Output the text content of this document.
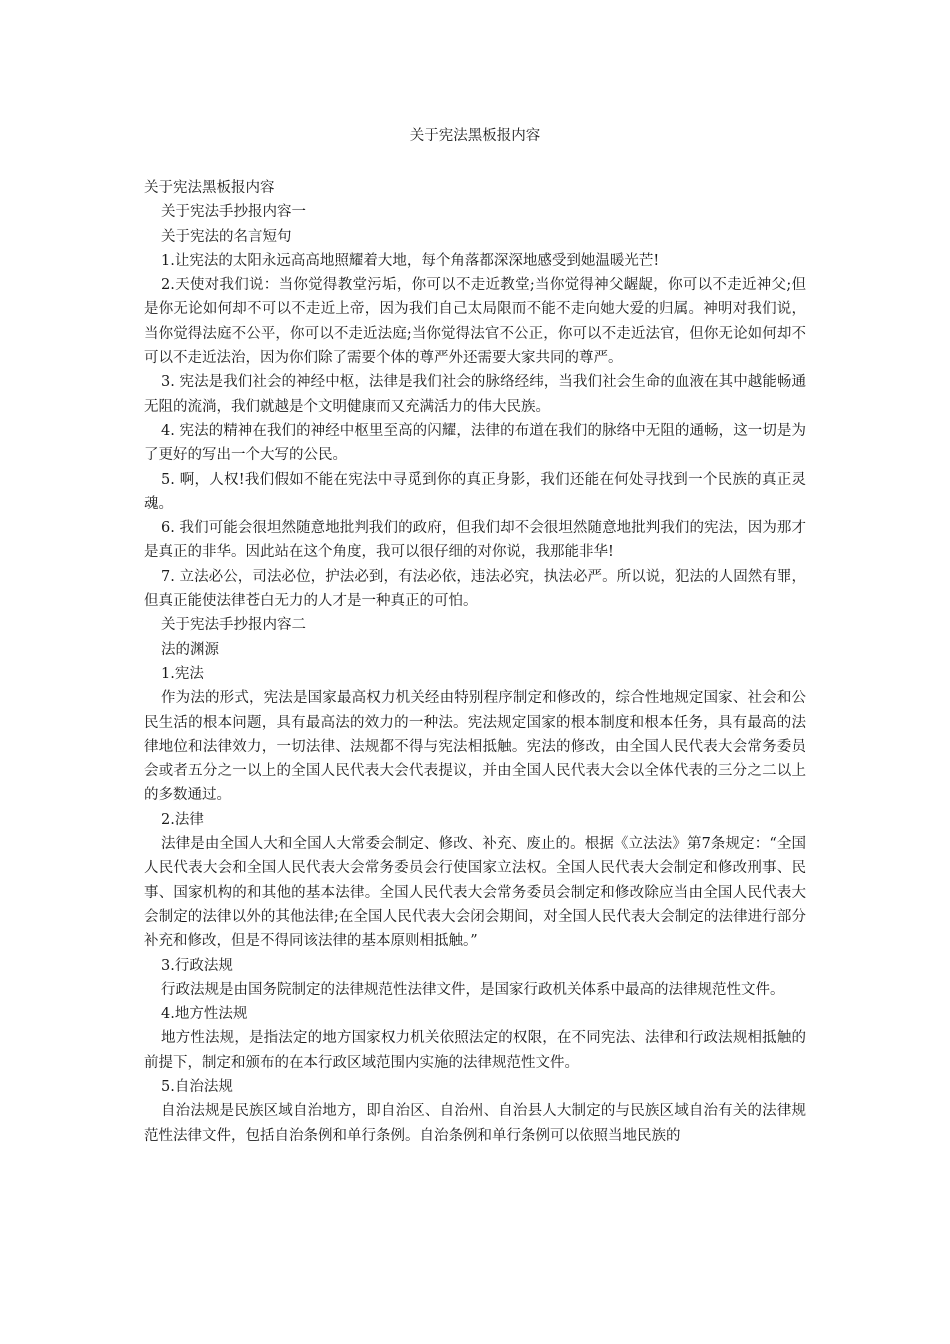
关于宪法黑板报内容

关于宪法黑板报内容

关于宪法手抄报内容一

关于宪法的名言短句

1.让宪法的太阳永远高高地照耀着大地，每个角落都深深地感受到她温暖光芒!

2.天使对我们说：当你觉得教堂污垢，你可以不走近教堂;当你觉得神父龌龊，你可以不走近神父;但是你无论如何却不可以不走近上帝，因为我们自己太局限而不能不走向她大爱的归属。神明对我们说，当你觉得法庭不公平，你可以不走近法庭;当你觉得法官不公正，你可以不走近法官，但你无论如何却不可以不走近法治，因为你们除了需要个体的尊严外还需要大家共同的尊严。

3. 宪法是我们社会的神经中枢，法律是我们社会的脉络经纬，当我们社会生命的血液在其中越能畅通无阻的流淌，我们就越是个文明健康而又充满活力的伟大民族。

4. 宪法的精神在我们的神经中枢里至高的闪耀，法律的布道在我们的脉络中无阻的通畅，这一切是为了更好的写出一个大写的公民。

5. 啊，人权!我们假如不能在宪法中寻觅到你的真正身影，我们还能在何处寻找到一个民族的真正灵魂。

6. 我们可能会很坦然随意地批判我们的政府，但我们却不会很坦然随意地批判我们的宪法，因为那才是真正的非华。因此站在这个角度，我可以很仔细的对你说，我那能非华!

7. 立法必公，司法必位，护法必到，有法必依，违法必究，执法必严。所以说，犯法的人固然有罪，但真正能使法律苍白无力的人才是一种真正的可怕。

关于宪法手抄报内容二

法的渊源

1.宪法

作为法的形式，宪法是国家最高权力机关经由特别程序制定和修改的，综合性地规定国家、社会和公民生活的根本问题，具有最高法的效力的一种法。宪法规定国家的根本制度和根本任务，具有最高的法律地位和法律效力，一切法律、法规都不得与宪法相抵触。宪法的修改，由全国人民代表大会常务委员会或者五分之一以上的全国人民代表大会代表提议，并由全国人民代表大会以全体代表的三分之二以上的多数通过。

2.法律

法律是由全国人大和全国人大常委会制定、修改、补充、废止的。根据《立法法》第7条规定：“全国人民代表大会和全国人民代表大会常务委员会行使国家立法权。全国人民代表大会制定和修改刑事、民事、国家机构的和其他的基本法律。全国人民代表大会常务委员会制定和修改除应当由全国人民代表大会制定的法律以外的其他法律;在全国人民代表大会闭会期间，对全国人民代表大会制定的法律进行部分补充和修改，但是不得同该法律的基本原则相抵触。”

3.行政法规

行政法规是由国务院制定的法律规范性法律文件，是国家行政机关体系中最高的法律规范性文件。

4.地方性法规

地方性法规，是指法定的地方国家权力机关依照法定的权限，在不同宪法、法律和行政法规相抵触的前提下，制定和颁布的在本行政区域范围内实施的法律规范性文件。

5.自治法规

自治法规是民族区域自治地方，即自治区、自治州、自治县人大制定的与民族区域自治有关的法律规范性法律文件，包括自治条例和单行条例。自治条例和单行条例可以依照当地民族的
